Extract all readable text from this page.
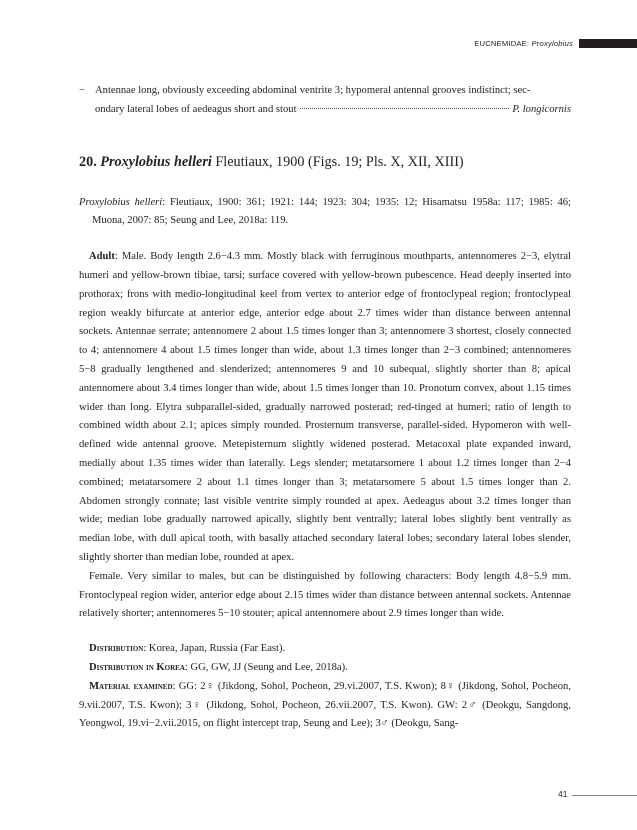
EUCNEMIDAE: Proxylobius
− Antennae long, obviously exceeding abdominal ventrite 3; hypomeral antennal grooves indistinct; sec-
ondary lateral lobes of aedeagus short and stout	P. longicornis
20. Proxylobius helleri Fleutiaux, 1900 (Figs. 19; Pls. X, XII, XIII)
Proxylobius helleri: Fleutiaux, 1900: 361; 1921: 144; 1923: 304; 1935: 12; Hisamatsu 1958a: 117; 1985: 46; Muona, 2007: 85; Seung and Lee, 2018a: 119.
Adult: Male. Body length 2.6−4.3 mm. Mostly black with ferruginous mouthparts, antennomeres 2−3, elytral humeri and yellow-brown tibiae, tarsi; surface covered with yellow-brown pubescence. Head deeply inserted into prothorax; frons with medio-longitudinal keel from vertex to anterior edge of frontoclypeal region; frontoclypeal region weakly bifurcate at anterior edge, anterior edge about 2.7 times wider than distance between antennal sockets. Antennae serrate; antennomere 2 about 1.5 times longer than 3; antennomere 3 shortest, closely connected to 4; antennomere 4 about 1.5 times longer than wide, about 1.3 times longer than 2−3 combined; antennomeres 5−8 gradually lengthened and slenderized; antennomeres 9 and 10 subequal, slightly shorter than 8; apical antennomere about 3.4 times longer than wide, about 1.5 times longer than 10. Pronotum convex, about 1.15 times wider than long. Elytra subparallel-sided, gradually narrowed posterad; red-tinged at humeri; ratio of length to combined width about 2.1; apices simply rounded. Prosternum transverse, parallel-sided. Hypomeron with well-defined wide antennal groove. Metepisternum slightly widened posterad. Metacoxal plate expanded inward, medially about 1.35 times wider than laterally. Legs slender; metatarsomere 1 about 1.2 times longer than 2−4 combined; metatarsomere 2 about 1.1 times longer than 3; metatarsomere 5 about 1.5 times longer than 2. Abdomen strongly connate; last visible ventrite simply rounded at apex. Aedeagus about 3.2 times longer than wide; median lobe gradually narrowed apically, slightly bent ventrally; lateral lobes slightly bent ventrally as median lobe, with dull apical tooth, with basally attached secondary lateral lobes; secondary lateral lobes slender, slightly shorter than median lobe, rounded at apex.
Female. Very similar to males, but can be distinguished by following characters: Body length 4.8−5.9 mm. Frontoclypeal region wider, anterior edge about 2.15 times wider than distance between antennal sockets. Antennae relatively shorter; antennomeres 5−10 stouter; apical antennomere about 2.9 times longer than wide.
Distribution: Korea, Japan, Russia (Far East).
Distribution in Korea: GG, GW, JJ (Seung and Lee, 2018a).
Material examined: GG: 2♀ (Jikdong, Sohol, Pocheon, 29.vi.2007, T.S. Kwon); 8♀ (Jikdong, Sohol, Pocheon, 9.vii.2007, T.S. Kwon); 3♀ (Jikdong, Sohol, Pocheon, 26.vii.2007, T.S. Kwon). GW: 2♂ (Deokgu, Sangdong, Yeongwol, 19.vi−2.vii.2015, on flight intercept trap, Seung and Lee); 3♂ (Deokgu, Sang-
41
